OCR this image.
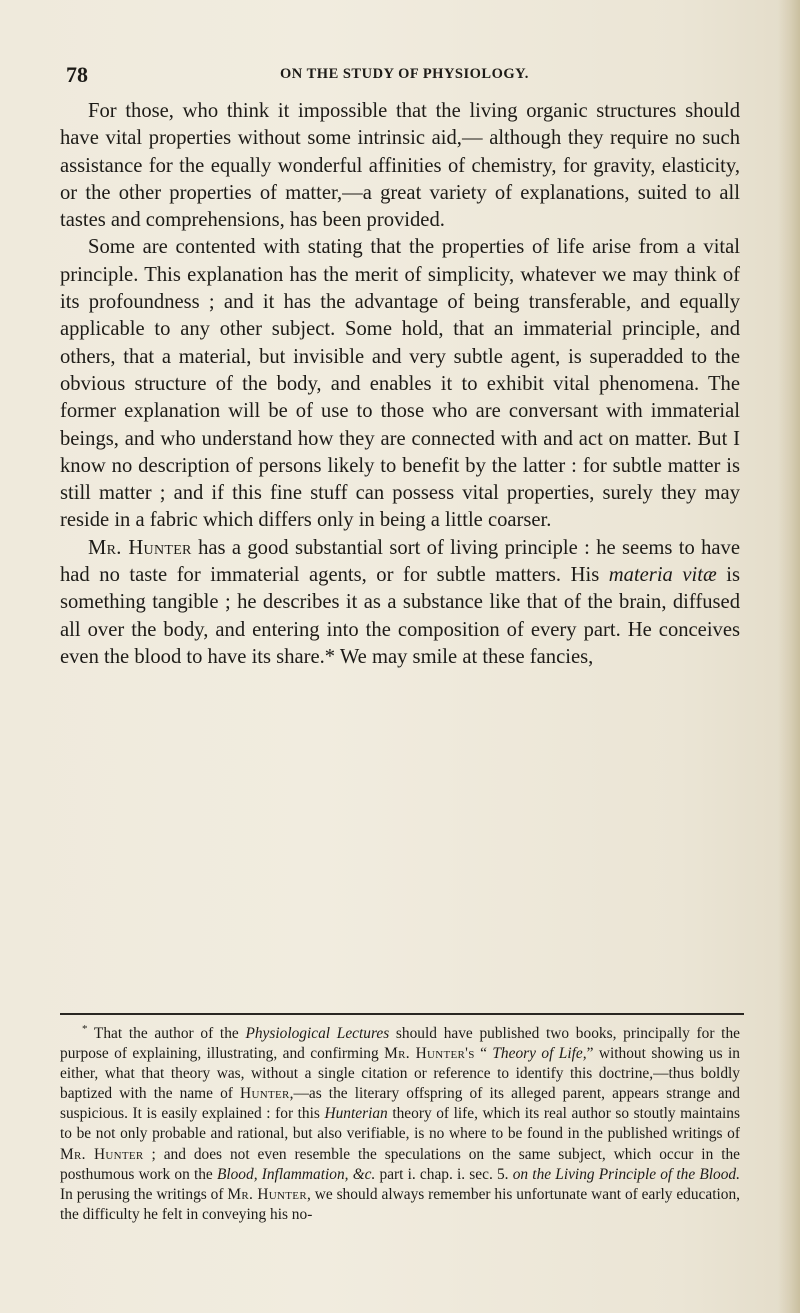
78	ON THE STUDY OF PHYSIOLOGY.

For those, who think it impossible that the living organic structures should have vital properties without some intrinsic aid,— although they require no such assistance for the equally wonderful affinities of chemistry, for gravity, elasticity, or the other properties of matter,—a great variety of explanations, suited to all tastes and comprehensions, has been provided.

Some are contented with stating that the properties of life arise from a vital principle. This explanation has the merit of simplicity, whatever we may think of its profoundness ; and it has the advantage of being transferable, and equally applicable to any other subject. Some hold, that an immaterial principle, and others, that a material, but invisible and very subtle agent, is superadded to the obvious structure of the body, and enables it to exhibit vital phenomena. The former explanation will be of use to those who are conversant with immaterial beings, and who understand how they are connected with and act on matter. But I know no description of persons likely to benefit by the latter : for subtle matter is still matter ; and if this fine stuff can possess vital properties, surely they may reside in a fabric which differs only in being a little coarser.

Mr. Hunter has a good substantial sort of living principle : he seems to have had no taste for immaterial agents, or for subtle matters. His materia vitæ is something tangible ; he describes it as a substance like that of the brain, diffused all over the body, and entering into the composition of every part. He conceives even the blood to have its share.* We may smile at these fancies,

* That the author of the Physiological Lectures should have published two books, principally for the purpose of explaining, illustrating, and confirming Mr. Hunter's “ Theory of Life,” without showing us in either, what that theory was, without a single citation or reference to identify this doctrine,—thus boldly baptized with the name of Hunter,—as the literary offspring of its alleged parent, appears strange and suspicious. It is easily explained : for this Hunterian theory of life, which its real author so stoutly maintains to be not only probable and rational, but also verifiable, is no where to be found in the published writings of Mr. Hunter ; and does not even resemble the speculations on the same subject, which occur in the posthumous work on the Blood, Inflammation, &c. part i. chap. i. sec. 5. on the Living Principle of the Blood. In perusing the writings of Mr. Hunter, we should always remember his unfortunate want of early education, the difficulty he felt in conveying his no-
